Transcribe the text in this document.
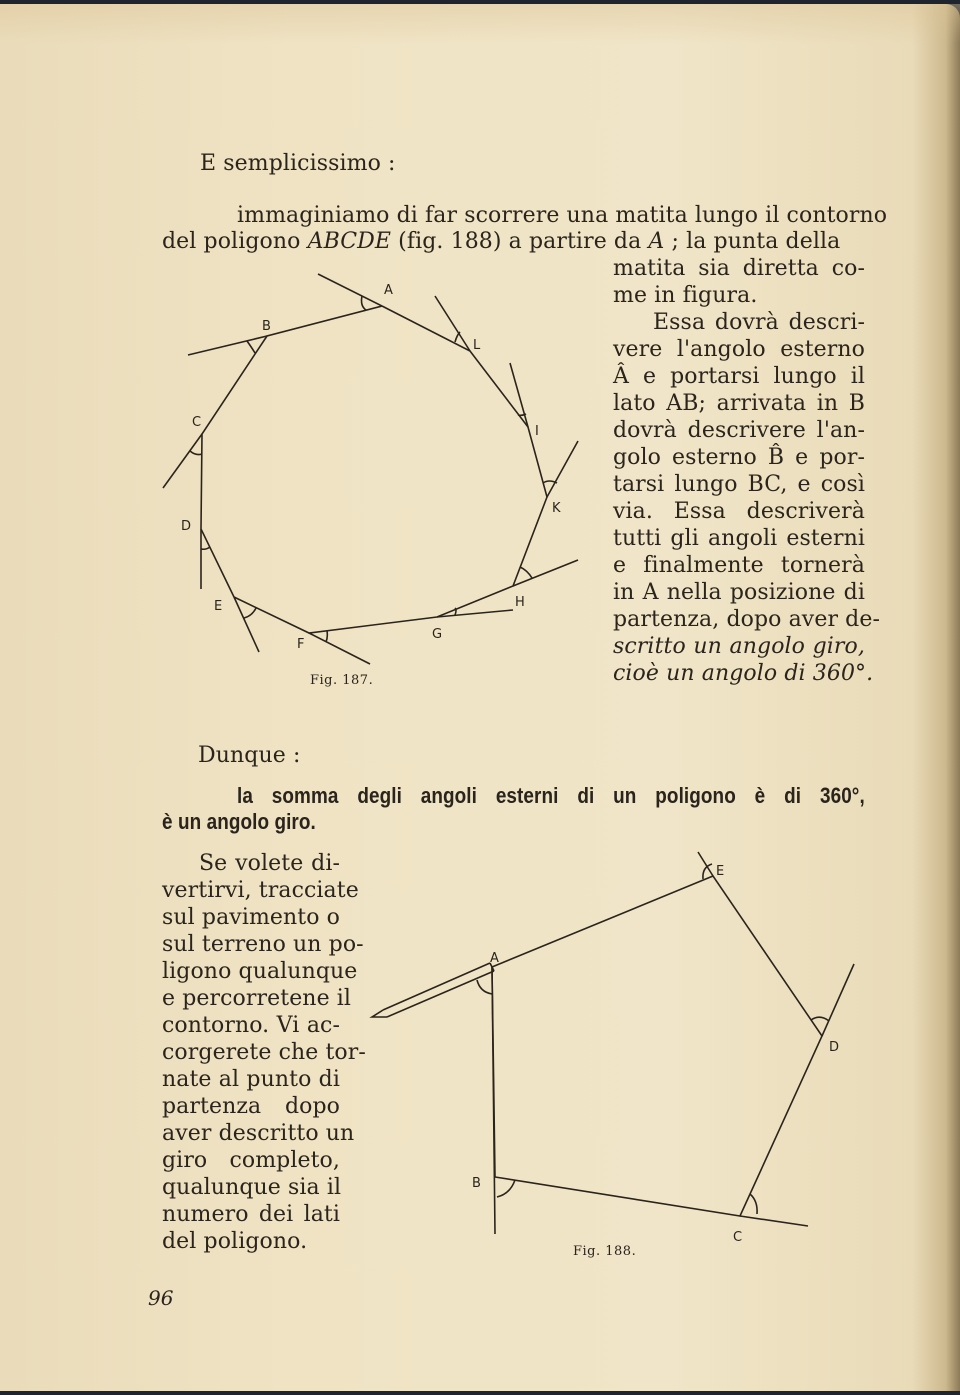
E semplicissimo :
immaginiamo di far scorrere una matita lungo il contorno
del poligono ABCDE (fig. 188) a partire da A ; la punta della
matita sia diretta co-
me in figura.
Essa dovrà descri-
vere l'angolo esterno
Â e portarsi lungo il
lato AB; arrivata in B
dovrà descrivere l'an-
golo esterno B̂ e por-
tarsi lungo BC, e così
via. Essa descriverà
tutti gli angoli esterni
e finalmente tornerà
in A nella posizione di
partenza, dopo aver de-
scritto un angolo giro,
cioè un angolo di 360°.
Dunque :
la somma degli angoli esterni di un poligono è di 360°,
è un angolo giro.
Se volete di-
vertirvi, tracciate
sul pavimento o
sul terreno un po-
ligono qualunque
e percorretene il
contorno. Vi ac-
corgerete che tor-
nate al punto di
partenza dopo
aver descritto un
giro completo,
qualunque sia il
numero dei lati
del poligono.
96
Fig. 187.
Fig. 188.
A
B
C
D
E
F
G
H
K
I
L
A
B
C
D
E
